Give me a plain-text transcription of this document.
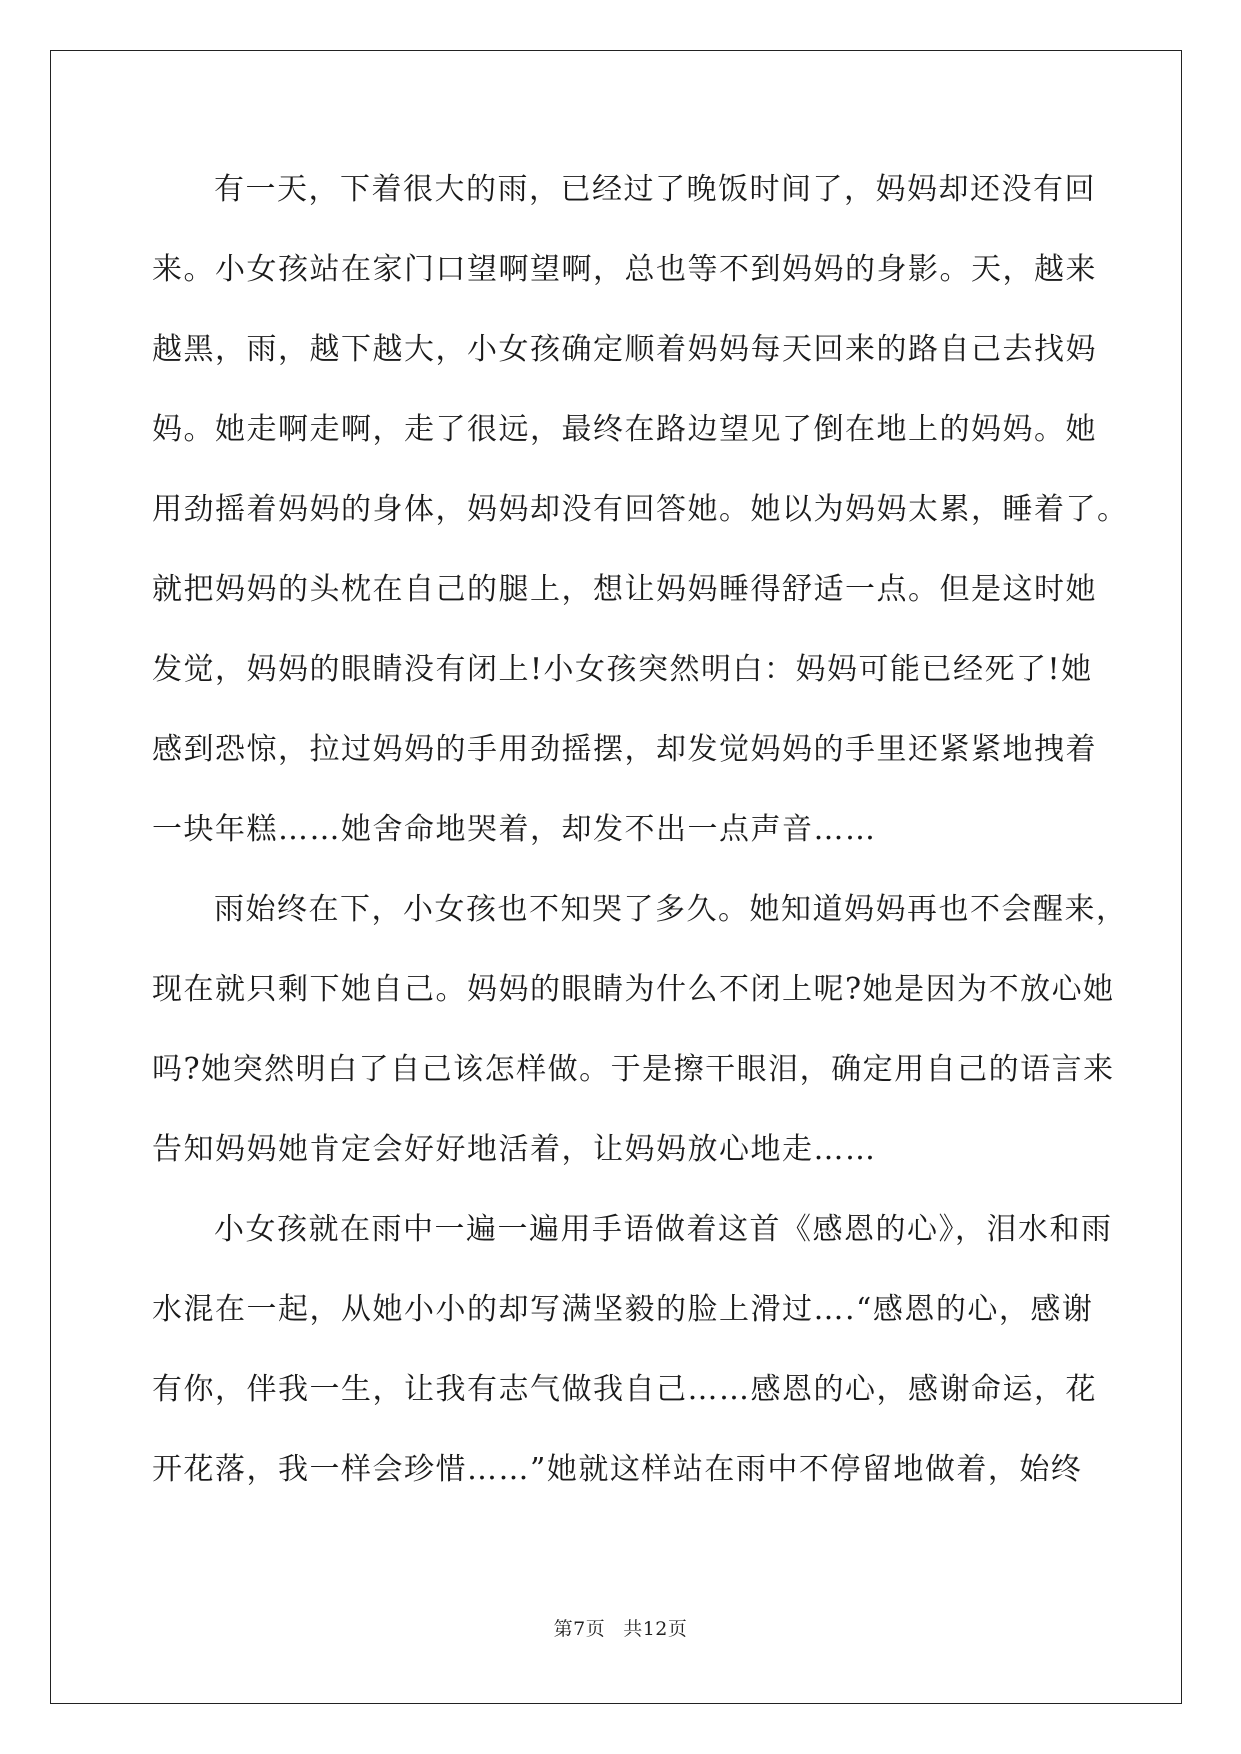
有一天，下着很大的雨，已经过了晚饭时间了，妈妈却还没有回
来。小女孩站在家门口望啊望啊，总也等不到妈妈的身影。天，越来
越黑，雨，越下越大，小女孩确定顺着妈妈每天回来的路自己去找妈
妈。她走啊走啊，走了很远，最终在路边望见了倒在地上的妈妈。她
用劲摇着妈妈的身体，妈妈却没有回答她。她以为妈妈太累，睡着了。
就把妈妈的头枕在自己的腿上，想让妈妈睡得舒适一点。但是这时她
发觉，妈妈的眼睛没有闭上!小女孩突然明白：妈妈可能已经死了!她
感到恐惊，拉过妈妈的手用劲摇摆，却发觉妈妈的手里还紧紧地拽着
一块年糕……她舍命地哭着，却发不出一点声音……
雨始终在下，小女孩也不知哭了多久。她知道妈妈再也不会醒来，
现在就只剩下她自己。妈妈的眼睛为什么不闭上呢?她是因为不放心她
吗?她突然明白了自己该怎样做。于是擦干眼泪，确定用自己的语言来
告知妈妈她肯定会好好地活着，让妈妈放心地走……
小女孩就在雨中一遍一遍用手语做着这首《感恩的心》，泪水和雨
水混在一起，从她小小的却写满坚毅的脸上滑过….“感恩的心，感谢
有你，伴我一生，让我有志气做我自己……感恩的心，感谢命运，花
开花落，我一样会珍惜……”她就这样站在雨中不停留地做着，始终
第7页 共12页
